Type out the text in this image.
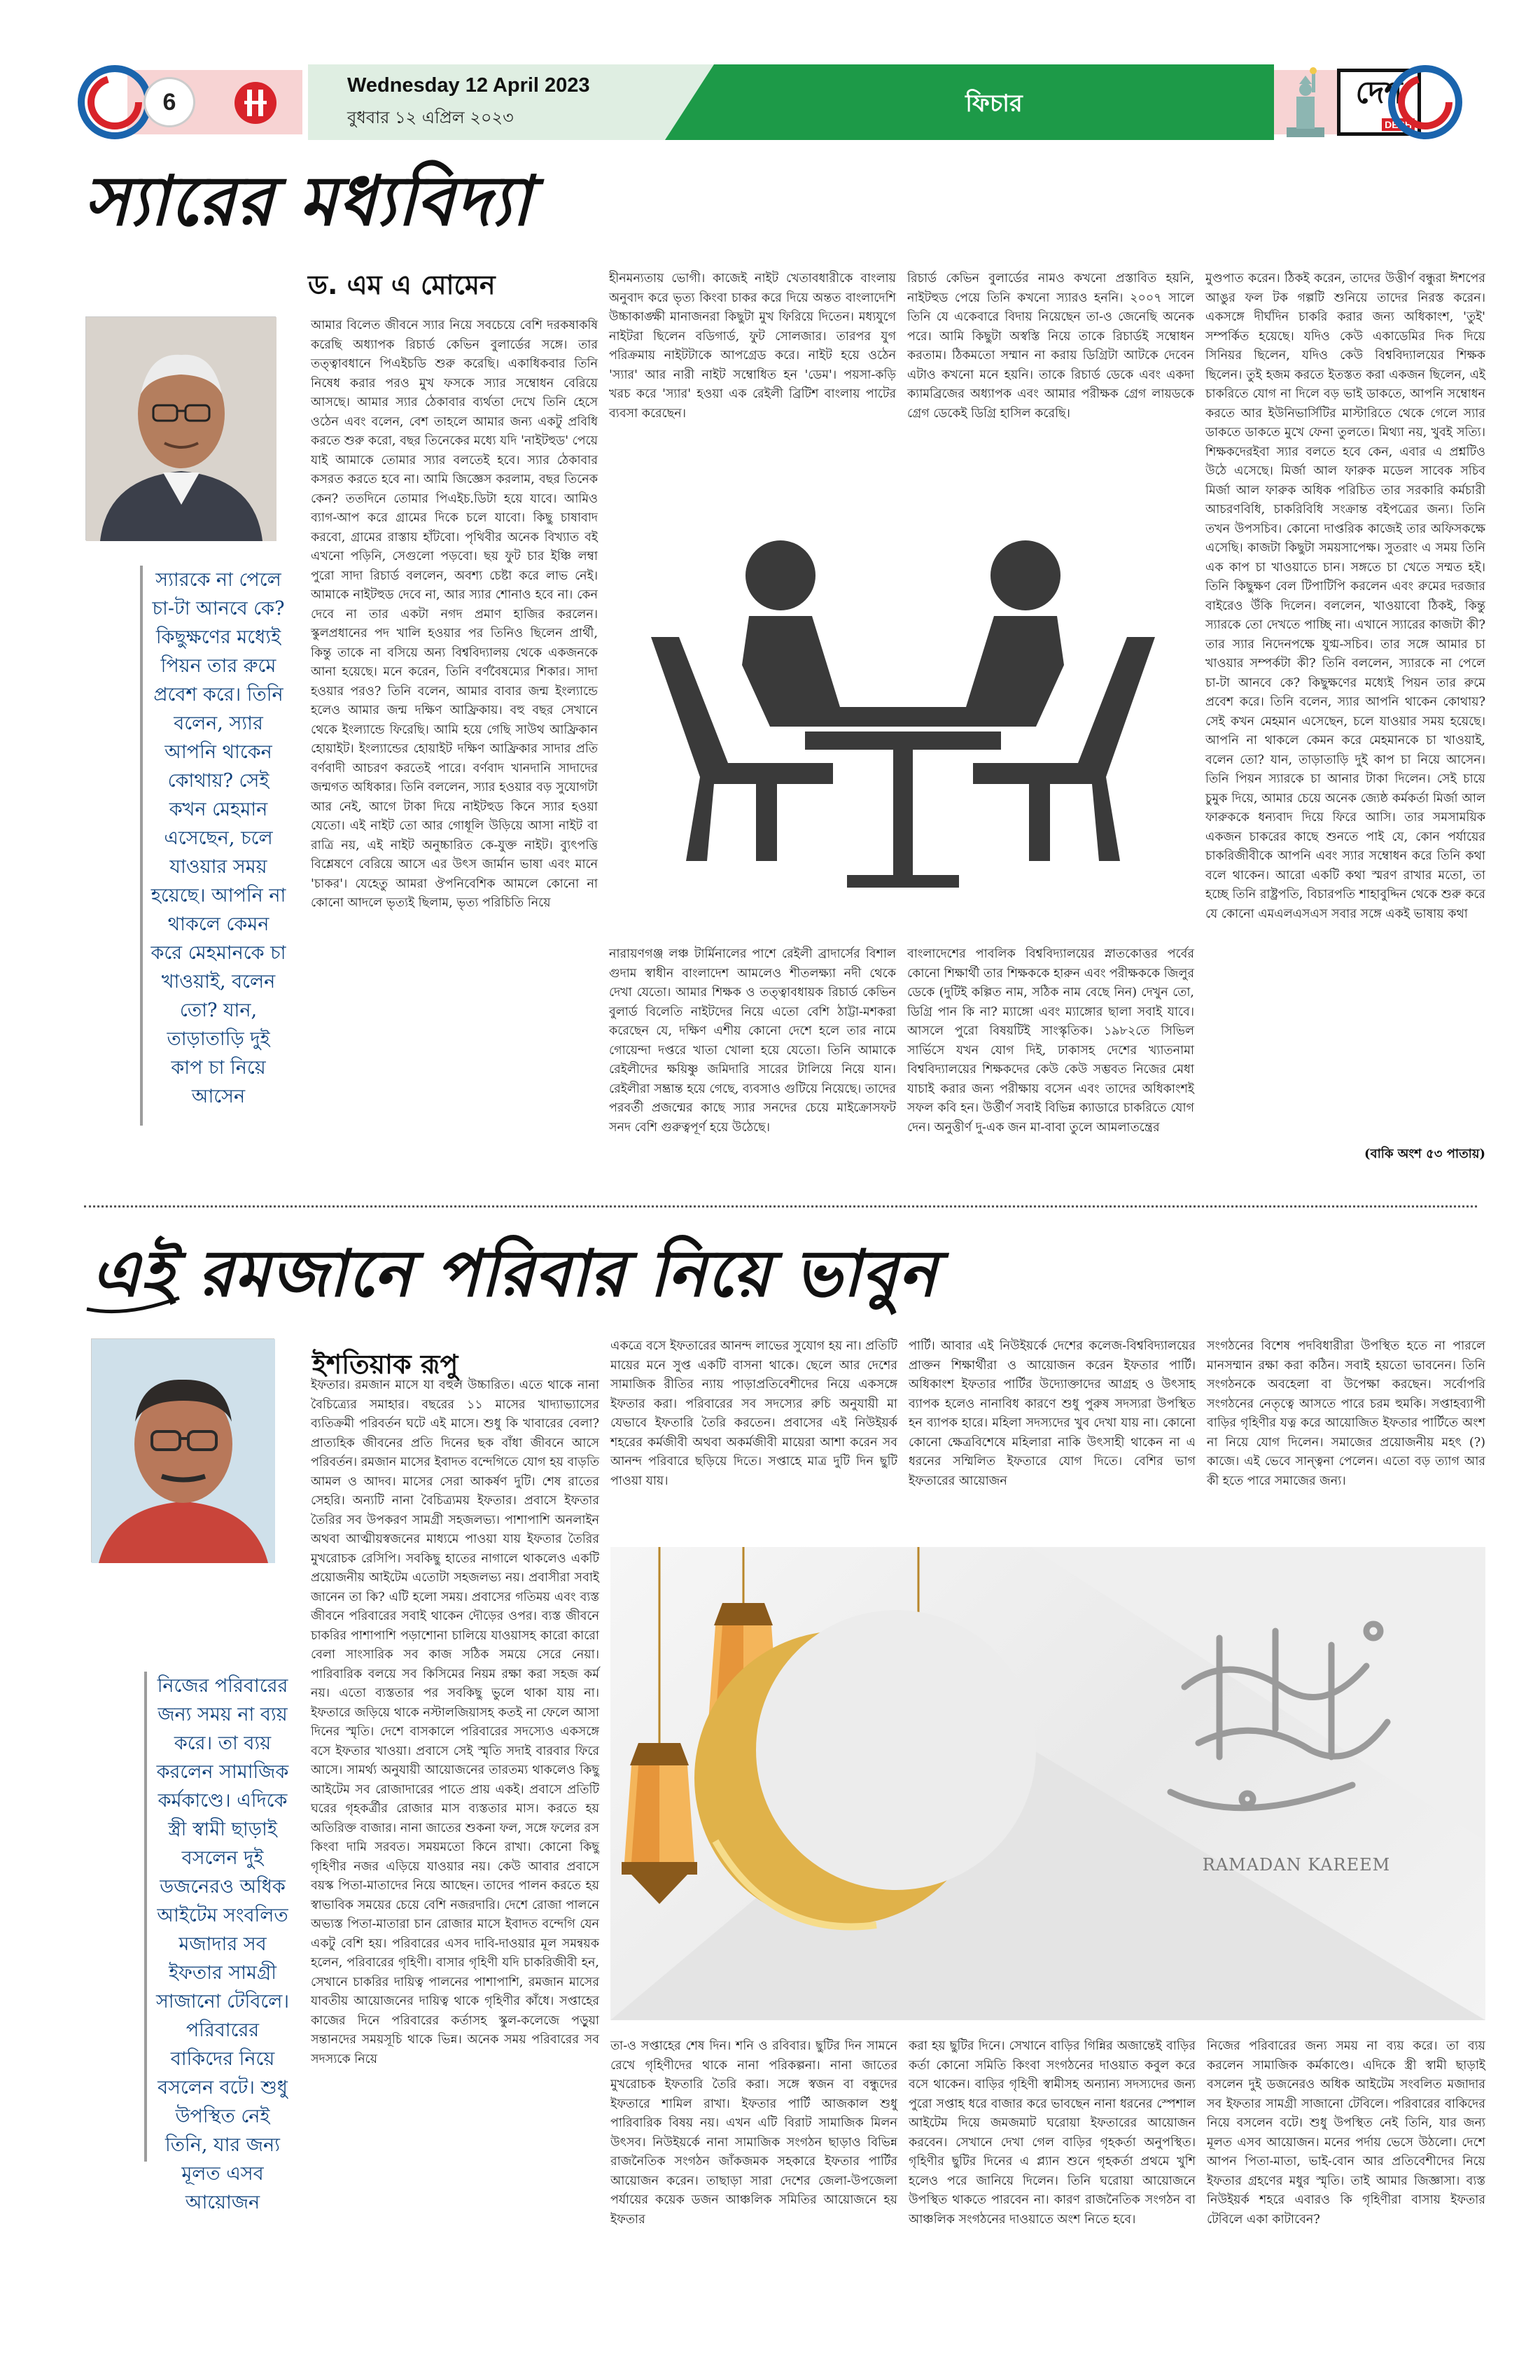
6
Wednesday 12 April 2023
বুধবার ১২ এপ্রিল ২০২৩	ফিচার	দেশ
DESH
স্যারের মধ্যবিদ্যা
ড. এম এ মোমেন
স্যারকে না পেলে চা-টা আনবে কে? কিছুক্ষণের মধ্যেই পিয়ন তার রুমে প্রবেশ করে। তিনি বলেন, স্যার আপনি থাকেন কোথায়? সেই কখন মেহমান এসেছেন, চলে যাওয়ার সময় হয়েছে। আপনি না থাকলে কেমন করে মেহমানকে চা খাওয়াই, বলেন তো? যান, তাড়াতাড়ি দুই কাপ চা নিয়ে আসেন

আমার বিলেত জীবনে স্যার নিয়ে সবচেয়ে বেশি দরকষাকষি করেছি অধ্যাপক রিচার্ড কেভিন বুলার্ডের সঙ্গে। তার তত্ত্বাবধানে পিএইচডি শুরু করেছি। একাধিকবার তিনি নিষেধ করার পরও মুখ ফসকে স্যার সম্বোধন বেরিয়ে আসছে। আমার স্যার ঠেকাবার ব্যর্থতা দেখে তিনি হেসে ওঠেন এবং বলেন, বেশ তাহলে আমার জন্য একটু প্রবিধি করতে শুরু করো, বছর তিনেকের মধ্যে যদি 'নাইটহুড' পেয়ে যাই আমাকে তোমার স্যার বলতেই হবে। স্যার ঠেকাবার কসরত করতে হবে না। আমি জিজ্ঞেস করলাম, বছর তিনেক কেন? ততদিনে তোমার পিএইচ.ডিটা হয়ে যাবে। আমিও ব্যাগ-আপ করে গ্রামের দিকে চলে যাবো। কিছু চাষাবাদ করবো, গ্রামের রাস্তায় হাঁটবো। পৃথিবীর অনেক বিখ্যাত বই এখনো পড়িনি, সেগুলো পড়বো। ছয় ফুট চার ইঞ্চি লম্বা পুরো সাদা রিচার্ড বললেন, অবশ্য চেষ্টা করে লাভ নেই। আমাকে নাইটহুড দেবে না, আর স্যার শোনাও হবে না। কেন দেবে না তার একটা নগদ প্রমাণ হাজির করলেন। স্কুলপ্রধানের পদ খালি হওয়ার পর তিনিও ছিলেন প্রার্থী, কিন্তু তাকে না বসিয়ে অন্য বিশ্ববিদ্যালয় থেকে একজনকে আনা হয়েছে। মনে করেন, তিনি বর্ণবৈষম্যের শিকার। সাদা হওয়ার পরও? তিনি বলেন, আমার বাবার জন্ম ইংল্যান্ডে হলেও আমার জন্ম দক্ষিণ আফ্রিকায়। বহু বছর সেখানে থেকে ইংল্যান্ডে ফিরেছি। আমি হয়ে গেছি সাউথ আফ্রিকান হোয়াইট। ইংল্যান্ডের হোয়াইট দক্ষিণ আফ্রিকার সাদার প্রতি বর্ণবাদী আচরণ করতেই পারে। বর্ণবাদ খানদানি সাদাদের জন্মগত অধিকার। তিনি বললেন, স্যার হওয়ার বড় সুযোগটা আর নেই, আগে টাকা দিয়ে নাইটহুড কিনে স্যার হওয়া যেতো। এই নাইট তো আর গোধূলি উড়িয়ে আসা নাইট বা রাত্রি নয়, এই নাইট অনুচ্চারিত কে-যুক্ত নাইট। ব্যুৎপত্তি বিশ্লেষণে বেরিয়ে আসে এর উৎস জার্মান ভাষা এবং মানে 'চাকর'। যেহেতু আমরা ঔপনিবেশিক আমলে কোনো না কোনো আদলে ভৃত্যই ছিলাম, ভৃত্য পরিচিতি নিয়ে

হীনমন্যতায় ভোগী। কাজেই নাইট খেতাবধারীকে বাংলায় অনুবাদ করে ভৃত্য কিংবা চাকর করে দিয়ে অন্তত বাংলাদেশি উচ্চাকাঙ্ক্ষী মানাজনরা কিছুটা মুখ ফিরিয়ে দিতেন। মধ্যযুগে নাইটরা ছিলেন বডিগার্ড, ফুট সোলজার। তারপর যুগ পরিক্রমায় নাইটটাকে আপগ্রেড করে। নাইট হয়ে ওঠেন 'স্যার' আর নারী নাইট সম্বোধিত হন 'ডেম'। পয়সা-কড়ি খরচ করে 'স্যার' হওয়া এক রেইলী ব্রিটিশ বাংলায় পাটের ব্যবসা করেছেন।

রিচার্ড কেভিন বুলার্ডের নামও কখনো প্রস্তাবিত হয়নি, নাইটহুড পেয়ে তিনি কখনো স্যারও হননি। ২০০৭ সালে তিনি যে একেবারে বিদায় নিয়েছেন তা-ও জেনেছি অনেক পরে। আমি কিছুটা অস্বস্তি নিয়ে তাকে রিচার্ডই সম্বোধন করতাম। ঠিকমতো সম্মান না করায় ডিগ্রিটা আটকে দেবেন এটাও কখনো মনে হয়নি। তাকে রিচার্ড ডেকে এবং একদা ক্যামব্রিজের অধ্যাপক এবং আমার পরীক্ষক গ্রেগ লায়ডকে গ্রেগ ডেকেই ডিগ্রি হাসিল করেছি।

নারায়ণগঞ্জ লঞ্চ টার্মিনালের পাশে রেইলী ব্রাদার্সের বিশাল গুদাম স্বাধীন বাংলাদেশ আমলেও শীতলক্ষ্যা নদী থেকে দেখা যেতো। আমার শিক্ষক ও তত্ত্বাবধায়ক রিচার্ড কেভিন বুলার্ড বিলেতি নাইটদের নিয়ে এতো বেশি ঠাট্টা-মশকরা করেছেন যে, দক্ষিণ এশীয় কোনো দেশে হলে তার নামে গোয়েন্দা দপ্তরে খাতা খোলা হয়ে যেতো। তিনি আমাকে রেইলীদের ক্ষয়িষ্ণু জমিদারি সারের টালিয়ে নিয়ে যান। রেইলীরা সম্ভ্রান্ত হয়ে গেছে, ব্যবসাও গুটিয়ে নিয়েছে। তাদের পরবর্তী প্রজন্মের কাছে স্যার সনদের চেয়ে মাইক্রোসফট সনদ বেশি গুরুত্বপূর্ণ হয়ে উঠেছে।

বাংলাদেশের পাবলিক বিশ্ববিদ্যালয়ের স্নাতকোত্তর পর্বের কোনো শিক্ষার্থী তার শিক্ষককে হারুন এবং পরীক্ষককে জিলুর ডেকে (দুটিই কল্পিত নাম, সঠিক নাম বেছে নিন) দেখুন তো, ডিগ্রি পান কি না? ম্যাঙ্গো এবং ম্যাঙ্গোর ছালা সবাই যাবে। আসলে পুরো বিষয়টিই সাংস্কৃতিক। ১৯৮২তে সিভিল সার্ভিসে যখন যোগ দিই, ঢাকাসহ দেশের খ্যাতনামা বিশ্ববিদ্যালয়ের শিক্ষকদের কেউ কেউ সম্ভবত নিজের মেধা যাচাই করার জন্য পরীক্ষায় বসেন এবং তাদের অধিকাংশই সফল কবি হন। উর্ত্তীর্ণ সবাই বিভিন্ন ক্যাডারে চাকরিতে যোগ দেন। অনুত্তীর্ণ দু-এক জন মা-বাবা তুলে আমলাতন্ত্রের

মুণ্ডপাত করেন। ঠিকই করেন, তাদের উত্তীর্ণ বন্ধুরা ঈশপের আঙুর ফল টক গল্পটি শুনিয়ে তাদের নিরস্ত করেন। একসঙ্গে দীর্ঘদিন চাকরি করার জন্য অধিকাংশ, 'তুই' সম্পর্কিত হয়েছে। যদিও কেউ একাডেমির দিক দিয়ে সিনিয়র ছিলেন, যদিও কেউ বিশ্ববিদ্যালয়ের শিক্ষক ছিলেন। তুই হজম করতে ইতস্তত করা একজন ছিলেন, এই চাকরিতে যোগ না দিলে বড় ভাই ডাকতে, আপনি সম্বোধন করতে আর ইউনিভার্সিটির মাস্টারিতে থেকে গেলে স্যার ডাকতে ডাকতে মুখে ফেনা তুলতে। মিথ্যা নয়, খুবই সত্যি। শিক্ষকদেরইবা স্যার বলতে হবে কেন, এবার এ প্রশ্নটিও উঠে এসেছে। মির্জা আল ফারুক মডেল সাবেক সচিব মির্জা আল ফারুক অধিক পরিচিত তার সরকারি কর্মচারী আচরণবিধি, চাকরিবিধি সংক্রান্ত বইপত্রের জন্য। তিনি তখন উপসচিব। কোনো দাপ্তরিক কাজেই তার অফিসকক্ষে এসেছি। কাজটা কিছুটা সময়সাপেক্ষ। সুতরাং এ সময় তিনি এক কাপ চা খাওয়াতে চান। সঙ্গতে চা খেতে সম্মত হই। তিনি কিছুক্ষণ বেল টিপাটিপি করলেন এবং রুমের দরজার বাইরেও উঁকি দিলেন। বললেন, খাওয়াবো ঠিকই, কিন্তু স্যারকে তো দেখতে পাচ্ছি না। এখানে স্যারের কাজটা কী? তার স্যার নিদেনপক্ষে যুগ্ম-সচিব। তার সঙ্গে আমার চা খাওয়ার সম্পর্কটা কী? তিনি বললেন, স্যারকে না পেলে চা-টা আনবে কে? কিছুক্ষণের মধ্যেই পিয়ন তার রুমে প্রবেশ করে। তিনি বলেন, স্যার আপনি থাকেন কোথায়? সেই কখন মেহমান এসেছেন, চলে যাওয়ার সময় হয়েছে। আপনি না থাকলে কেমন করে মেহমানকে চা খাওয়াই, বলেন তো? যান, তাড়াতাড়ি দুই কাপ চা নিয়ে আসেন। তিনি পিয়ন স্যারকে চা আনার টাকা দিলেন। সেই চায়ে চুমুক দিয়ে, আমার চেয়ে অনেক জ্যেষ্ঠ কর্মকর্তা মির্জা আল ফারুককে ধন্যবাদ দিয়ে ফিরে আসি। তার সমসাময়িক একজন চাকরের কাছে শুনতে পাই যে, কোন পর্যায়ের চাকরিজীবীকে আপনি এবং স্যার সম্বোধন করে তিনি কথা বলে থাকেন। আরো একটি কথা স্মরণ রাখার মতো, তা হচ্ছে তিনি রাষ্ট্রপতি, বিচারপতি শাহাবুদ্দিন থেকে শুরু করে যে কোনো এমএলএসএস সবার সঙ্গে একই ভাষায় কথা

(বাকি অংশ ৫৩ পাতায়)
এই রমজানে পরিবার নিয়ে ভাবুন
ইশতিয়াক রূপু
নিজের পরিবারের জন্য সময় না ব্যয় করে। তা ব্যয় করলেন সামাজিক কর্মকাণ্ডে। এদিকে স্ত্রী স্বামী ছাড়াই বসলেন দুই ডজনেরও অধিক আইটেম সংবলিত মজাদার সব ইফতার সামগ্রী সাজানো টেবিলে। পরিবারের বাকিদের নিয়ে বসলেন বটে। শুধু উপস্থিত নেই তিনি, যার জন্য মূলত এসব আয়োজন

ইফতার। রমজান মাসে যা বহুল উচ্চারিত। এতে থাকে নানা বৈচিত্র্যের সমাহার। বছরের ১১ মাসের খাদ্যাভ্যাসের ব্যতিক্রমী পরিবর্তন ঘটে এই মাসে। শুধু কি খাবারের বেলা? প্রাত্যহিক জীবনের প্রতি দিনের ছক বাঁধা জীবনে আসে পরিবর্তন। রমজান মাসের ইবাদত বন্দেগিতে যোগ হয় বাড়তি আমল ও আদব। মাসের সেরা আকর্ষণ দুটি। শেষ রাতের সেহরি। অন্যটি নানা বৈচিত্র্যময় ইফতার। প্রবাসে ইফতার তৈরির সব উপকরণ সামগ্রী সহজলভ্য। পাশাপাশি অনলাইন অথবা আত্মীয়স্বজনের মাধ্যমে পাওয়া যায় ইফতার তৈরির মুখরোচক রেসিপি। সবকিছু হাতের নাগালে থাকলেও একটি প্রয়োজনীয় আইটেম এতোটা সহজলভ্য নয়। প্রবাসীরা সবাই জানেন তা কি? এটি হলো সময়। প্রবাসের গতিময় এবং ব্যস্ত জীবনে পরিবারের সবাই থাকেন দৌড়ের ওপর। ব্যস্ত জীবনে চাকরির পাশাপাশি পড়াশোনা চালিয়ে যাওয়াসহ কারো কারো বেলা সাংসারিক সব কাজ সঠিক সময়ে সেরে নেয়া। পারিবারিক বলয়ে সব কিসিমের নিয়ম রক্ষা করা সহজ কর্ম নয়। এতো ব্যস্ততার পর সবকিছু ভুলে থাকা যায় না। ইফতারে জড়িয়ে থাকে নস্টালজিয়াসহ কতই না ফেলে আসা দিনের স্মৃতি। দেশে বাসকালে পরিবারের সদস্যেও একসঙ্গে বসে ইফতার খাওয়া। প্রবাসে সেই স্মৃতি সদাই বারবার ফিরে আসে। সামর্থ্য অনুযায়ী আয়োজনের তারতম্য থাকলেও কিছু আইটেম সব রোজাদারের পাতে প্রায় একই। প্রবাসে প্রতিটি ঘরের গৃহকর্ত্রীর রোজার মাস ব্যস্ততার মাস। করতে হয় অতিরিক্ত বাজার। নানা জাতের শুকনা ফল, সঙ্গে ফলের রস কিংবা দামি সরবত। সময়মতো কিনে রাখা। কোনো কিছু গৃহিণীর নজর এড়িয়ে যাওয়ার নয়। কেউ আবার প্রবাসে বয়স্ক পিতা-মাতাদের নিয়ে আছেন। তাদের পালন করতে হয় স্বাভাবিক সময়ের চেয়ে বেশি নজরদারি। দেশে রোজা পালনে অভ্যস্ত পিতা-মাতারা চান রোজার মাসে ইবাদত বন্দেগি যেন একটু বেশি হয়। পরিবারের এসব দাবি-দাওয়ার মূল সমন্বয়ক হলেন, পরিবারের গৃহিণী। বাসার গৃহিণী যদি চাকরিজীবী হন, সেখানে চাকরির দায়িত্ব পালনের পাশাপাশি, রমজান মাসের যাবতীয় আয়োজনের দায়িত্ব থাকে গৃহিণীর কাঁধে। সপ্তাহের কাজের দিনে পরিবারের কর্তাসহ স্কুল-কলেজে পড়ুয়া সন্তানদের সময়সূচি থাকে ভিন্ন। অনেক সময় পরিবারের সব সদস্যকে নিয়ে

একত্রে বসে ইফতারের আনন্দ লাভের সুযোগ হয় না। প্রতিটি মায়ের মনে সুপ্ত একটি বাসনা থাকে। ছেলে আর দেশের সামাজিক রীতির ন্যায় পাড়াপ্রতিবেশীদের নিয়ে একসঙ্গে ইফতার করা। পরিবারের সব সদস্যের রুচি অনুযায়ী মা যেভাবে ইফতারি তৈরি করতেন। প্রবাসের এই নিউইয়র্ক শহরের কর্মজীবী অথবা অকর্মজীবী মায়েরা আশা করেন সব আনন্দ পরিবারে ছড়িয়ে দিতে। সপ্তাহে মাত্র দুটি দিন ছুটি পাওয়া যায়।

পার্টি। আবার এই নিউইয়র্কে দেশের কলেজ-বিশ্ববিদ্যালয়ের প্রাক্তন শিক্ষার্থীরা ও আয়োজন করেন ইফতার পার্টি। অধিকাংশ ইফতার পার্টির উদ্যোক্তাদের আগ্রহ ও উৎসাহ ব্যাপক হলেও নানাবিধ কারণে শুধু পুরুষ সদস্যরা উপস্থিত হন ব্যাপক হারে। মহিলা সদস্যদের খুব দেখা যায় না। কোনো কোনো ক্ষেত্রবিশেষে মহিলারা নাকি উৎসাহী থাকেন না এ ধরনের সম্মিলিত ইফতারে যোগ দিতে। বেশির ভাগ ইফতারের আয়োজন

সংগঠনের বিশেষ পদবিধারীরা উপস্থিত হতে না পারলে মানসম্মান রক্ষা করা কঠিন। সবাই হয়তো ভাবনেন। তিনি সংগঠনকে অবহেলা বা উপেক্ষা করছেন। সর্বোপরি সংগঠনের নেতৃত্বে আসতে পারে চরম হুমকি। সপ্তাহব্যাপী বাড়ির গৃহিণীর যত্ন করে আয়োজিত ইফতার পার্টিতে অংশ না নিয়ে যোগ দিলেন। সমাজের প্রয়োজনীয় মহৎ (?) কাজে। এই ভেবে সান্ত্বনা পেলেন। এতো বড় ত্যাগ আর কী হতে পারে সমাজের জন্য।

RAMADAN KAREEM

তা-ও সপ্তাহের শেষ দিন। শনি ও রবিবার। ছুটির দিন সামনে রেখে গৃহিণীদের থাকে নানা পরিকল্পনা। নানা জাতের মুখরোচক ইফতারি তৈরি করা। সঙ্গে স্বজন বা বন্ধুদের ইফতারে শামিল রাখা। ইফতার পার্টি আজকাল শুধু পারিবারিক বিষয় নয়। এখন এটি বিরাট সামাজিক মিলন উৎসব। নিউইয়র্কে নানা সামাজিক সংগঠন ছাড়াও বিভিন্ন রাজনৈতিক সংগঠন জাঁকজমক সহকারে ইফতার পার্টির আয়োজন করেন। তাছাড়া সারা দেশের জেলা-উপজেলা পর্যায়ের কয়েক ডজন আঞ্চলিক সমিতির আয়োজনে হয় ইফতার

করা হয় ছুটির দিনে। সেখানে বাড়ির গিন্নির অজান্তেই বাড়ির কর্তা কোনো সমিতি কিংবা সংগঠনের দাওয়াত কবুল করে বসে থাকেন। বাড়ির গৃহিণী স্বামীসহ অন্যান্য সদস্যদের জন্য পুরো সপ্তাহ ধরে বাজার করে ভাবছেন নানা ধরনের স্পেশাল আইটেম দিয়ে জমজমাট ঘরোয়া ইফতারের আয়োজন করবেন। সেখানে দেখা গেল বাড়ির গৃহকর্তা অনুপস্থিত। গৃহিণীর ছুটির দিনের এ প্ল্যান শুনে গৃহকর্তা প্রথমে খুশি হলেও পরে জানিয়ে দিলেন। তিনি ঘরোয়া আয়োজনে উপস্থিত থাকতে পারবেন না। কারণ রাজনৈতিক সংগঠন বা আঞ্চলিক সংগঠনের দাওয়াতে অংশ নিতে হবে।

নিজের পরিবারের জন্য সময় না ব্যয় করে। তা ব্যয় করলেন সামাজিক কর্মকাণ্ডে। এদিকে স্ত্রী স্বামী ছাড়াই বসলেন দুই ডজনেরও অধিক আইটেম সংবলিত মজাদার সব ইফতার সামগ্রী সাজানো টেবিলে। পরিবারের বাকিদের নিয়ে বসলেন বটে। শুধু উপস্থিত নেই তিনি, যার জন্য মূলত এসব আয়োজন। মনের পর্দায় ভেসে উঠলো। দেশে আপন পিতা-মাতা, ভাই-বোন আর প্রতিবেশীদের নিয়ে ইফতার গ্রহণের মধুর স্মৃতি। তাই আমার জিজ্ঞাসা। ব্যস্ত নিউইয়র্ক শহরে এবারও কি গৃহিণীরা বাসায় ইফতার টেবিলে একা কাটাবেন?
